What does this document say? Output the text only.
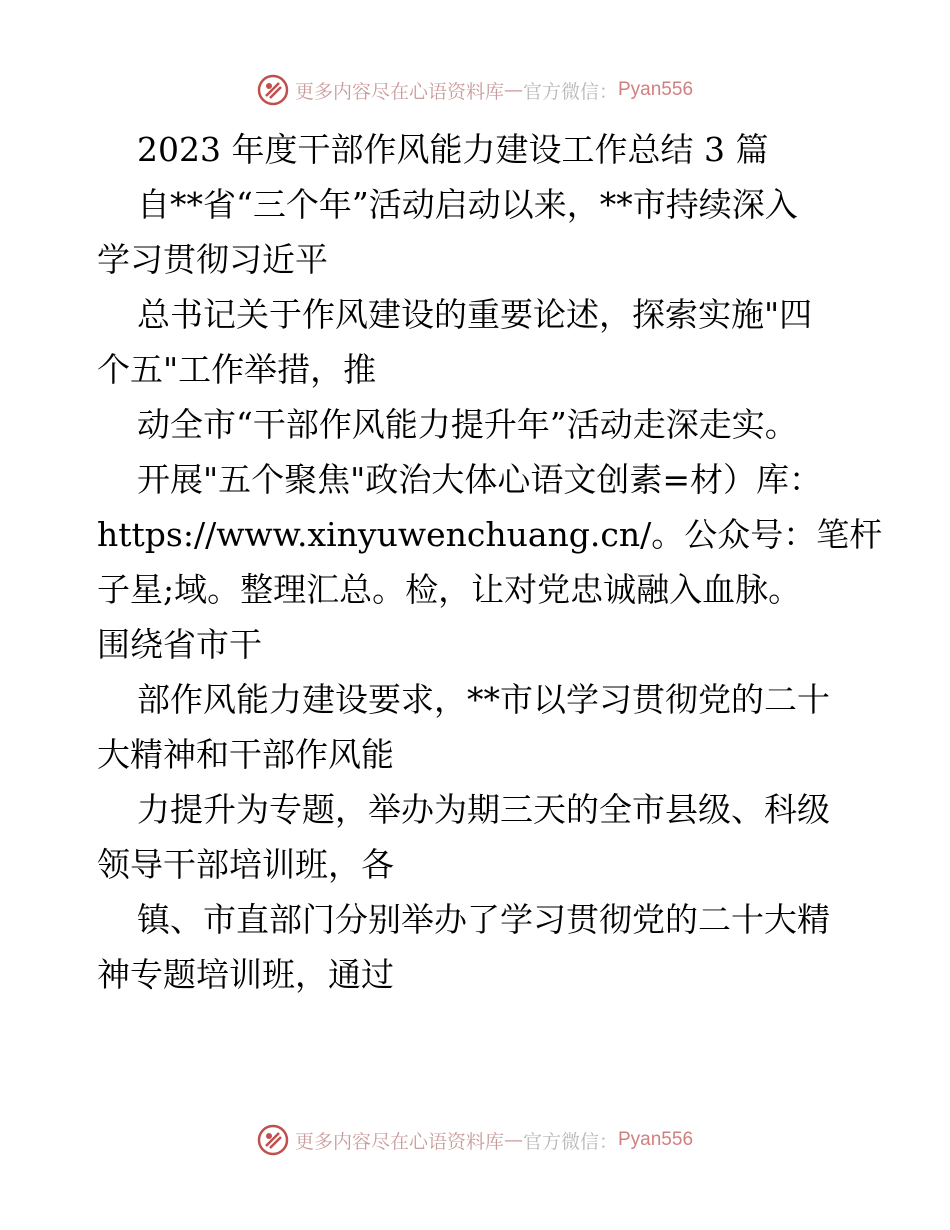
更多内容尽在心语资料库 — 官方微信： Pyan556
2023 年度干部作风能力建设工作总结 3 篇
自**省“三个年”活动启动以来，**市持续深入
学习贯彻习近平
总书记关于作风建设的重要论述，探索实施"四
个五"工作举措，推
动全市“干部作风能力提升年”活动走深走实。
开展"五个聚焦"政治大体心语文创素=材）库：
https://www.xinyuwenchuang.cn/。公众号：笔杆
子星;域。整理汇总。检，让对党忠诚融入血脉。
围绕省市干
部作风能力建设要求，**市以学习贯彻党的二十
大精神和干部作风能
力提升为专题，举办为期三天的全市县级、科级
领导干部培训班，各
镇、市直部门分别举办了学习贯彻党的二十大精
神专题培训班，通过
更多内容尽在心语资料库 — 官方微信： Pyan556
